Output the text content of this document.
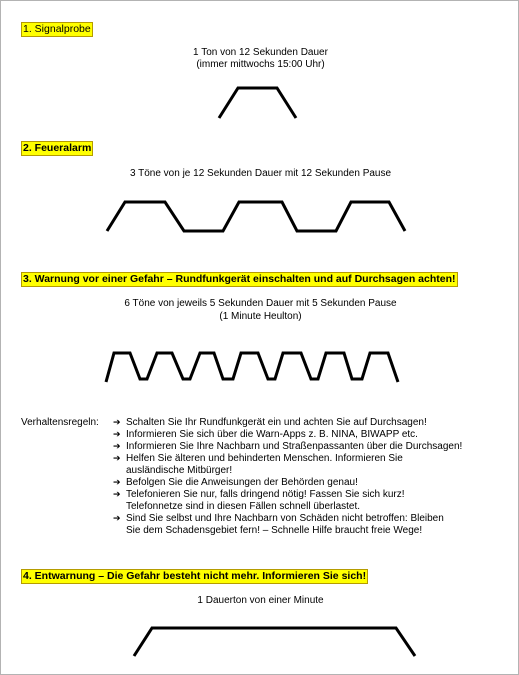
1. Signalprobe
1 Ton von 12 Sekunden Dauer
(immer mittwochs 15:00 Uhr)
2. Feueralarm
3 Töne von je 12 Sekunden Dauer mit 12 Sekunden Pause
3. Warnung vor einer Gefahr – Rundfunkgerät einschalten und auf Durchsagen achten!
6 Töne von jeweils 5 Sekunden Dauer mit 5 Sekunden Pause
(1 Minute Heulton)
Verhaltensregeln: ➔ Schalten Sie Ihr Rundfunkgerät ein und achten Sie auf Durchsagen!
➔ Informieren Sie sich über die Warn-Apps z. B. NINA, BIWAPP etc.
➔ Informieren Sie Ihre Nachbarn und Straßenpassanten über die Durchsagen!
➔ Helfen Sie älteren und behinderten Menschen. Informieren Sie
ausländische Mitbürger!
➔ Befolgen Sie die Anweisungen der Behörden genau!
➔ Telefonieren Sie nur, falls dringend nötig! Fassen Sie sich kurz!
Telefonnetze sind in diesen Fällen schnell überlastet.
➔ Sind Sie selbst und Ihre Nachbarn von Schäden nicht betroffen: Bleiben
Sie dem Schadensgebiet fern! – Schnelle Hilfe braucht freie Wege!
4. Entwarnung – Die Gefahr besteht nicht mehr. Informieren Sie sich!
1 Dauerton von einer Minute
